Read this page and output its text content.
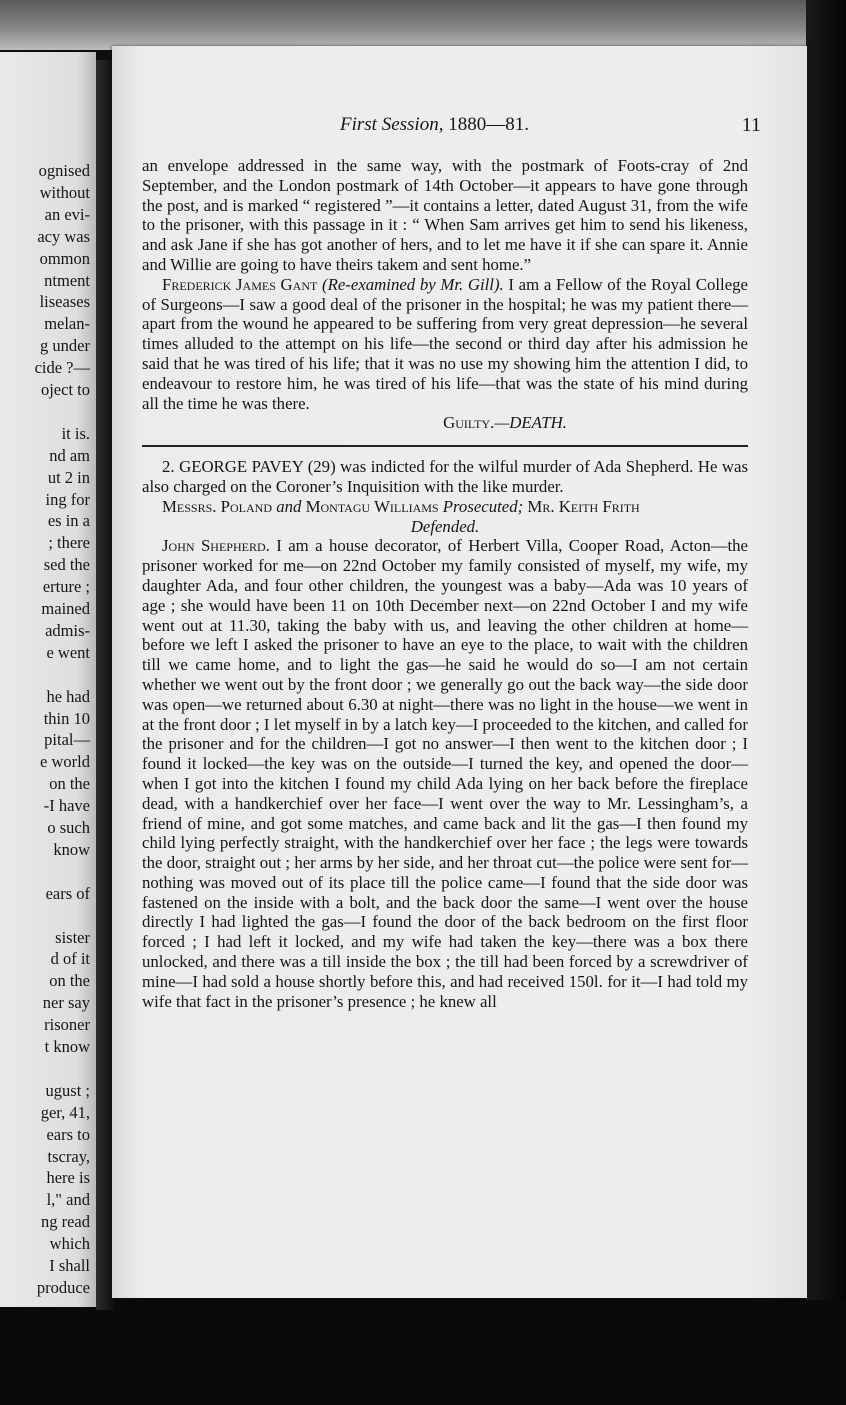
ognised
without
an evi-
acy was
ommon
ntment
liseases
melan-
g under
cide ?—
oject to
it is.
nd am
ut 2 in
ing for
es in a
; there
sed the
erture ;
mained
admis-
e went
he had
thin 10
pital—
e world
on the
-I have
o such
know
ears of
sister
d of it
on the
ner say
risoner
t know
ugust ;
ger, 41,
ears to
tscray,
here is
l," and
ng read
which
I shall
produce
First Session, 1880—81.	11

an envelope addressed in the same way, with the postmark of Foots-cray of 2nd September, and the London postmark of 14th October—it appears to have gone through the post, and is marked “ registered ”—it contains a letter, dated August 31, from the wife to the prisoner, with this passage in it : “ When Sam arrives get him to send his likeness, and ask Jane if she has got another of hers, and to let me have it if she can spare it. Annie and Willie are going to have theirs takem and sent home.”

Frederick James Gant (Re-examined by Mr. Gill). I am a Fellow of the Royal College of Surgeons—I saw a good deal of the prisoner in the hospital; he was my patient there—apart from the wound he appeared to be suffering from very great depression—he several times alluded to the attempt on his life—the second or third day after his admission he said that he was tired of his life; that it was no use my showing him the attention I did, to endeavour to restore him, he was tired of his life—that was the state of his mind during all the time he was there.

Guilty.—DEATH.

2. GEORGE PAVEY (29) was indicted for the wilful murder of Ada Shepherd. He was also charged on the Coroner’s Inquisition with the like murder.

Messrs. Poland and Montagu Williams Prosecuted; Mr. Keith Frith

Defended.

John Shepherd. I am a house decorator, of Herbert Villa, Cooper Road, Acton—the prisoner worked for me—on 22nd October my family consisted of myself, my wife, my daughter Ada, and four other children, the youngest was a baby—Ada was 10 years of age ; she would have been 11 on 10th December next—on 22nd October I and my wife went out at 11.30, taking the baby with us, and leaving the other children at home—before we left I asked the prisoner to have an eye to the place, to wait with the children till we came home, and to light the gas—he said he would do so—I am not certain whether we went out by the front door ; we generally go out the back way—the side door was open—we returned about 6.30 at night—there was no light in the house—we went in at the front door ; I let myself in by a latch key—I proceeded to the kitchen, and called for the prisoner and for the children—I got no answer—I then went to the kitchen door ; I found it locked—the key was on the outside—I turned the key, and opened the door—when I got into the kitchen I found my child Ada lying on her back before the fireplace dead, with a handkerchief over her face—I went over the way to Mr. Lessingham’s, a friend of mine, and got some matches, and came back and lit the gas—I then found my child lying perfectly straight, with the handkerchief over her face ; the legs were towards the door, straight out ; her arms by her side, and her throat cut—the police were sent for—nothing was moved out of its place till the police came—I found that the side door was fastened on the inside with a bolt, and the back door the same—I went over the house directly I had lighted the gas—I found the door of the back bedroom on the first floor forced ; I had left it locked, and my wife had taken the key—there was a box there unlocked, and there was a till inside the box ; the till had been forced by a screwdriver of mine—I had sold a house shortly before this, and had received 150l. for it—I had told my wife that fact in the prisoner’s presence ; he knew all
